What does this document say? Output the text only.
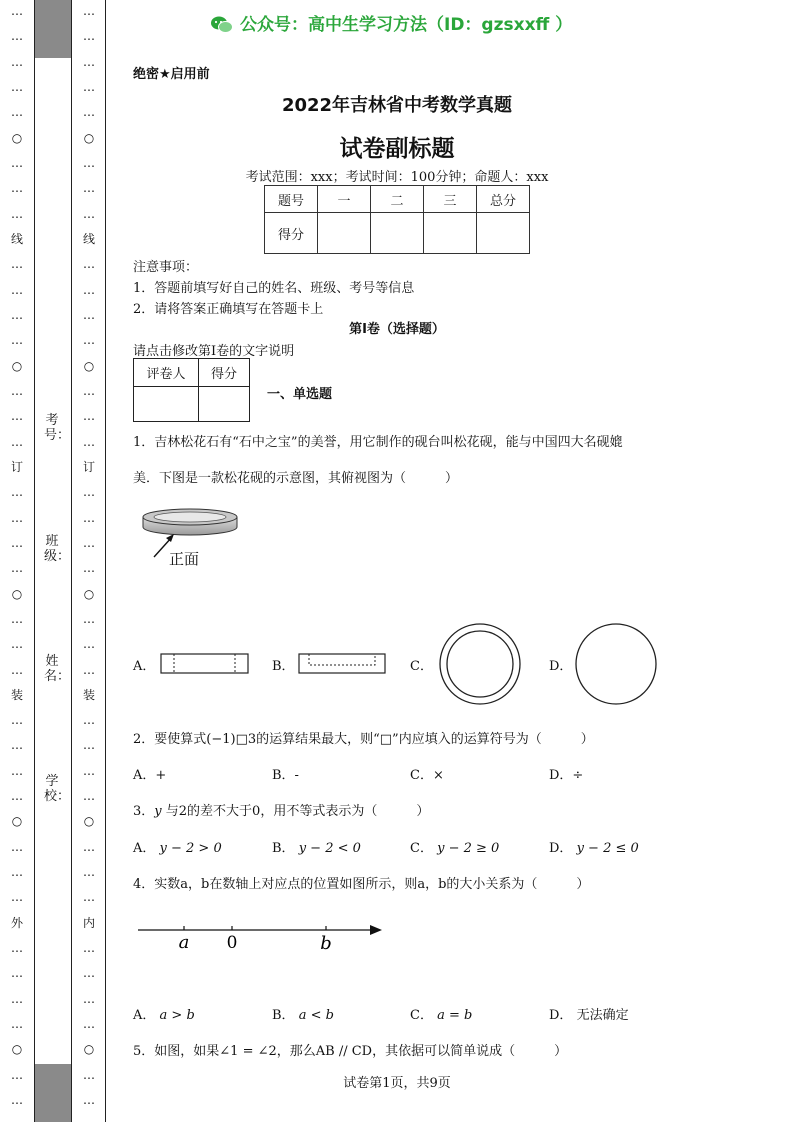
…
…
…
…
…
○
…
…
…
线
…
…
…
…
○
…
…
…
订
…
…
…
…
○
…
…
…
装
…
…
…
…
○
…
…
…
外
…
…
…
…
○
…
…
…
…
…
…
…
○
…
…
…
线
…
…
…
…
○
…
…
…
订
…
…
…
…
○
…
…
…
装
…
…
…
…
○
…
…
…
内
…
…
…
…
○
…
…
考号：
班级：
姓名：
学校：
公众号：高中生学习方法（ID：gzsxxff ）
绝密★启用前
2022年吉林省中考数学真题
试卷副标题
考试范围：xxx；考试时间：100分钟；命题人：xxx
题号	一	二	三	总分
得分				
注意事项：
1．答题前填写好自己的姓名、班级、考号等信息
2．请将答案正确填写在答题卡上
第I卷（选择题）
请点击修改第I卷的文字说明
评卷人	得分

一、单选题
1．吉林松花石有“石中之宝”的美誉，用它制作的砚台叫松花砚，能与中国四大名砚媲
美．下图是一款松花砚的示意图，其俯视图为（　　　）
正面
A．	B．	C．	D．
2．要使算式(−1)□3的运算结果最大，则“□”内应填入的运算符号为（　　　）
A．+	B．-	C．×	D．÷
3．y 与2的差不大于0，用不等式表示为（　　　）
A． y − 2 > 0	B． y − 2 < 0	C． y − 2 ≥ 0	D． y − 2 ≤ 0
4．实数a，b在数轴上对应点的位置如图所示，则a，b的大小关系为（　　　）
a 0	b
A． a > b	B． a < b	C． a = b	D． 无法确定
5．如图，如果∠1 = ∠2，那么AB // CD，其依据可以简单说成（　　　）
试卷第1页，共9页
